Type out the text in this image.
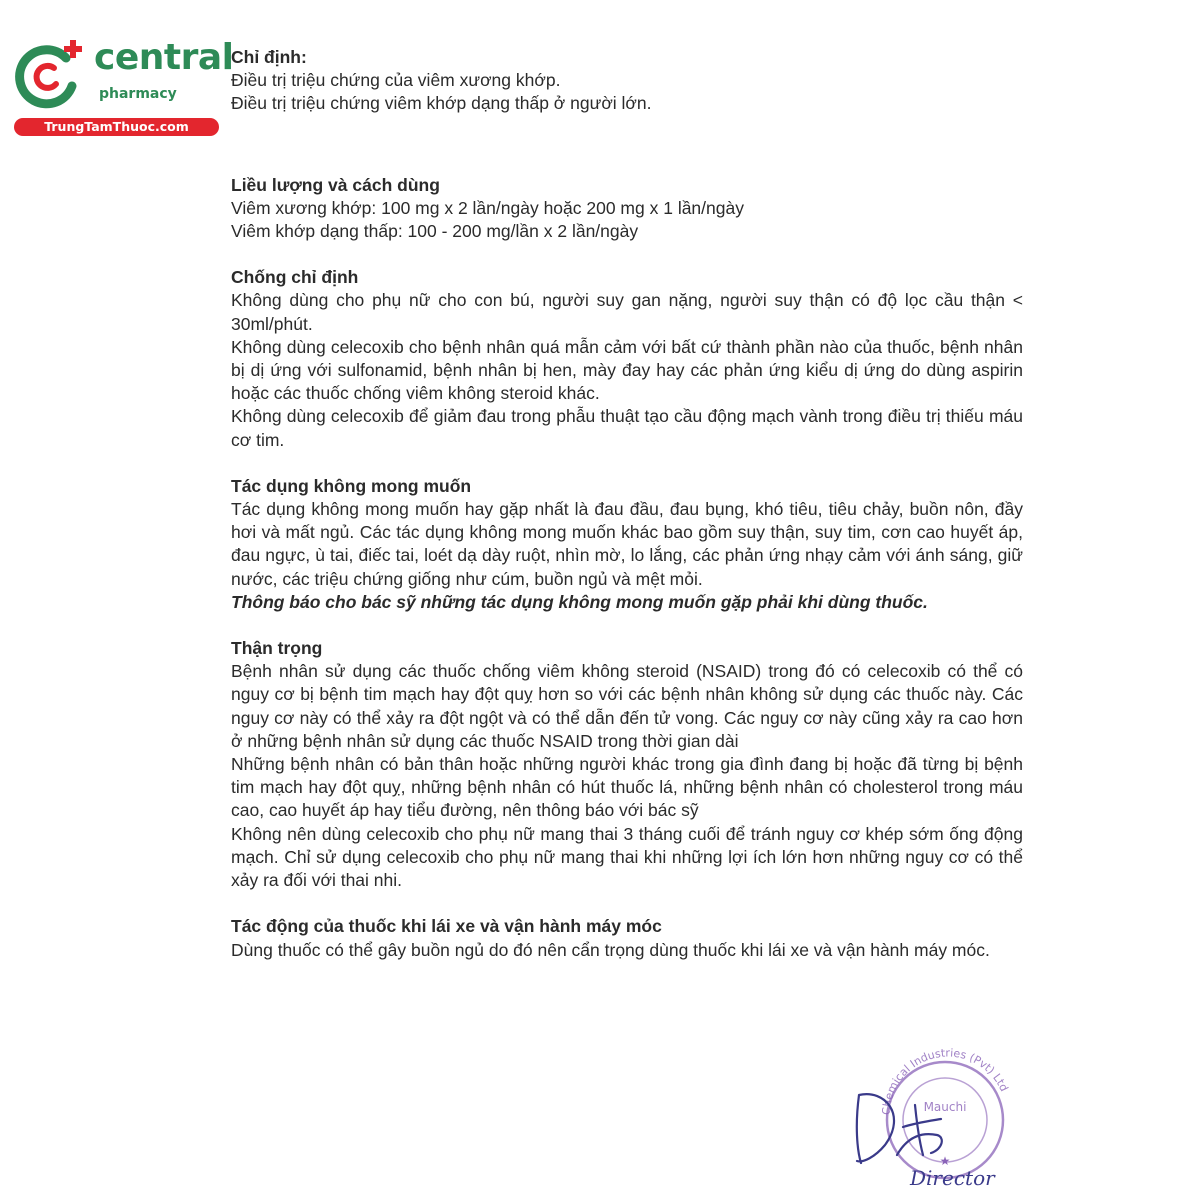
central
pharmacy
TrungTamThuoc.com
Chỉ định:
Điều trị triệu chứng của viêm xương khớp.
Điều trị triệu chứng viêm khớp dạng thấp ở người lớn.
Liều lượng và cách dùng
Viêm xương khớp: 100 mg x 2 lần/ngày hoặc 200 mg x 1 lần/ngày
Viêm khớp dạng thấp: 100 - 200 mg/lần x 2 lần/ngày
Chống chỉ định
Không dùng cho phụ nữ cho con bú, người suy gan nặng, người suy thận có độ lọc cầu thận < 30ml/phút.
Không dùng celecoxib cho bệnh nhân quá mẫn cảm với bất cứ thành phần nào của thuốc, bệnh nhân bị dị ứng với sulfonamid, bệnh nhân bị hen, mày đay hay các phản ứng kiểu dị ứng do dùng aspirin hoặc các thuốc chống viêm không steroid khác.
Không dùng celecoxib để giảm đau trong phẫu thuật tạo cầu động mạch vành trong điều trị thiếu máu cơ tim.
Tác dụng không mong muốn
Tác dụng không mong muốn hay gặp nhất là đau đầu, đau bụng, khó tiêu, tiêu chảy, buồn nôn, đầy hơi và mất ngủ. Các tác dụng không mong muốn khác bao gồm suy thận, suy tim, cơn cao huyết áp, đau ngực, ù tai, điếc tai, loét dạ dày ruột, nhìn mờ, lo lắng, các phản ứng nhạy cảm với ánh sáng, giữ nước, các triệu chứng giống như cúm, buồn ngủ và mệt mỏi.
Thông báo cho bác sỹ những tác dụng không mong muốn gặp phải khi dùng thuốc.
Thận trọng
Bệnh nhân sử dụng các thuốc chống viêm không steroid (NSAID) trong đó có celecoxib có thể có nguy cơ bị bệnh tim mạch hay đột quỵ hơn so với các bệnh nhân không sử dụng các thuốc này. Các nguy cơ này có thể xảy ra đột ngột và có thể dẫn đến tử vong. Các nguy cơ này cũng xảy ra cao hơn ở những bệnh nhân sử dụng các thuốc NSAID trong thời gian dài
Những bệnh nhân có bản thân hoặc những người khác trong gia đình đang bị hoặc đã từng bị bệnh tim mạch hay đột quỵ, những bệnh nhân có hút thuốc lá, những bệnh nhân có cholesterol trong máu cao, cao huyết áp hay tiểu đường, nên thông báo với bác sỹ
Không nên dùng celecoxib cho phụ nữ mang thai 3 tháng cuối để tránh nguy cơ khép sớm ống động mạch. Chỉ sử dụng celecoxib cho phụ nữ mang thai khi những lợi ích lớn hơn những nguy cơ có thể xảy ra đối với thai nhi.
Tác động của thuốc khi lái xe và vận hành máy móc
Dùng thuốc có thể gây buồn ngủ do đó nên cẩn trọng dùng thuốc khi lái xe và vận hành máy móc.
Chemical Industries (Pvt) Ltd
Mauchi
★
Director
